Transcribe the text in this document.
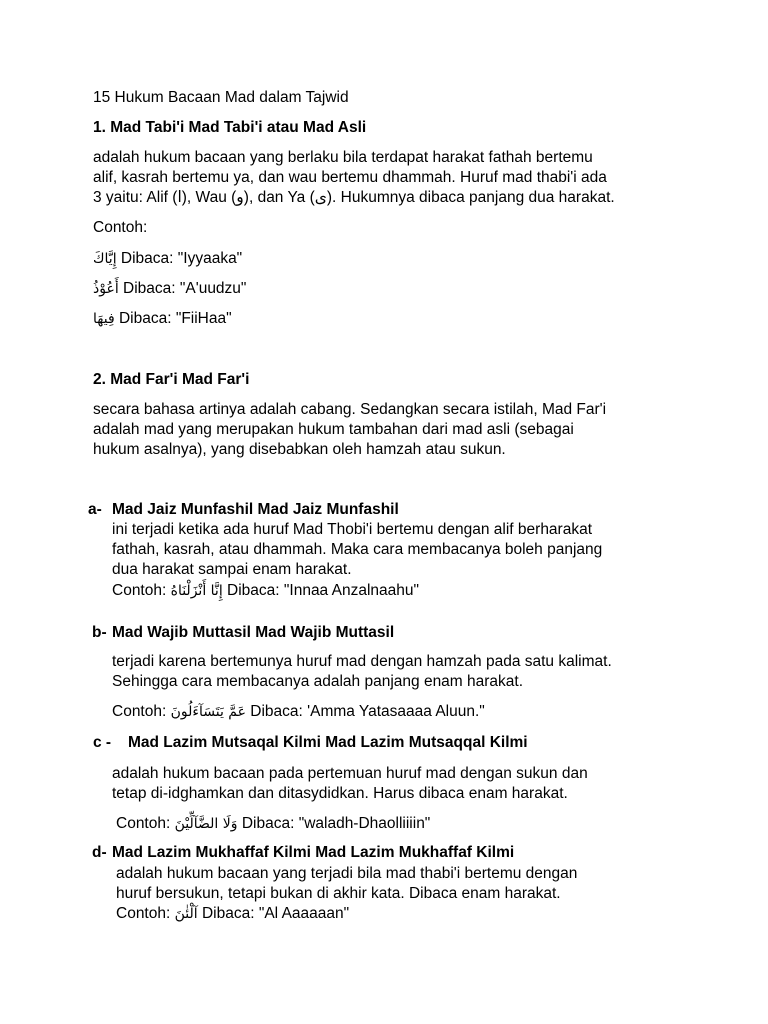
15 Hukum Bacaan Mad dalam Tajwid
1. Mad Tabi'i Mad Tabi'i atau Mad Asli
adalah hukum bacaan yang berlaku bila terdapat harakat fathah bertemu
alif, kasrah bertemu ya, dan wau bertemu dhammah. Huruf mad thabi'i ada
3 yaitu: Alif (ا), Wau (و), dan Ya (ى). Hukumnya dibaca panjang dua harakat.
Contoh:
إِيَّاكَ Dibaca: "Iyyaaka"
أَعُوْذُ Dibaca: "A'uudzu"
فِيهَا Dibaca: "FiiHaa"
2. Mad Far'i Mad Far'i
secara bahasa artinya adalah cabang. Sedangkan secara istilah, Mad Far'i
adalah mad yang merupakan hukum tambahan dari mad asli (sebagai
hukum asalnya), yang disebabkan oleh hamzah atau sukun.
a- Mad Jaiz Munfashil Mad Jaiz Munfashil
ini terjadi ketika ada huruf Mad Thobi'i bertemu dengan alif berharakat
fathah, kasrah, atau dhammah. Maka cara membacanya boleh panjang
dua harakat sampai enam harakat.
Contoh: إِنَّا أَنْزَلْنَاهُ Dibaca: "Innaa Anzalnaahu"
b- Mad Wajib Muttasil Mad Wajib Muttasil
terjadi karena bertemunya huruf mad dengan hamzah pada satu kalimat.
Sehingga cara membacanya adalah panjang enam harakat.
Contoh: عَمَّ يَتَسَآءَلُونَ Dibaca: 'Amma Yatasaaaa Aluun."
c - Mad Lazim Mutsaqal Kilmi Mad Lazim Mutsaqqal Kilmi
adalah hukum bacaan pada pertemuan huruf mad dengan sukun dan
tetap di-idghamkan dan ditasydidkan. Harus dibaca enam harakat.
Contoh: وَلَا الضَّآلِّيْنَ Dibaca: "waladh-Dhaolliiiin"
d- Mad Lazim Mukhaffaf Kilmi Mad Lazim Mukhaffaf Kilmi
adalah hukum bacaan yang terjadi bila mad thabi'i bertemu dengan
huruf bersukun, tetapi bukan di akhir kata. Dibaca enam harakat.
Contoh: آلْئٰنَ Dibaca: "Al Aaaaaan"
